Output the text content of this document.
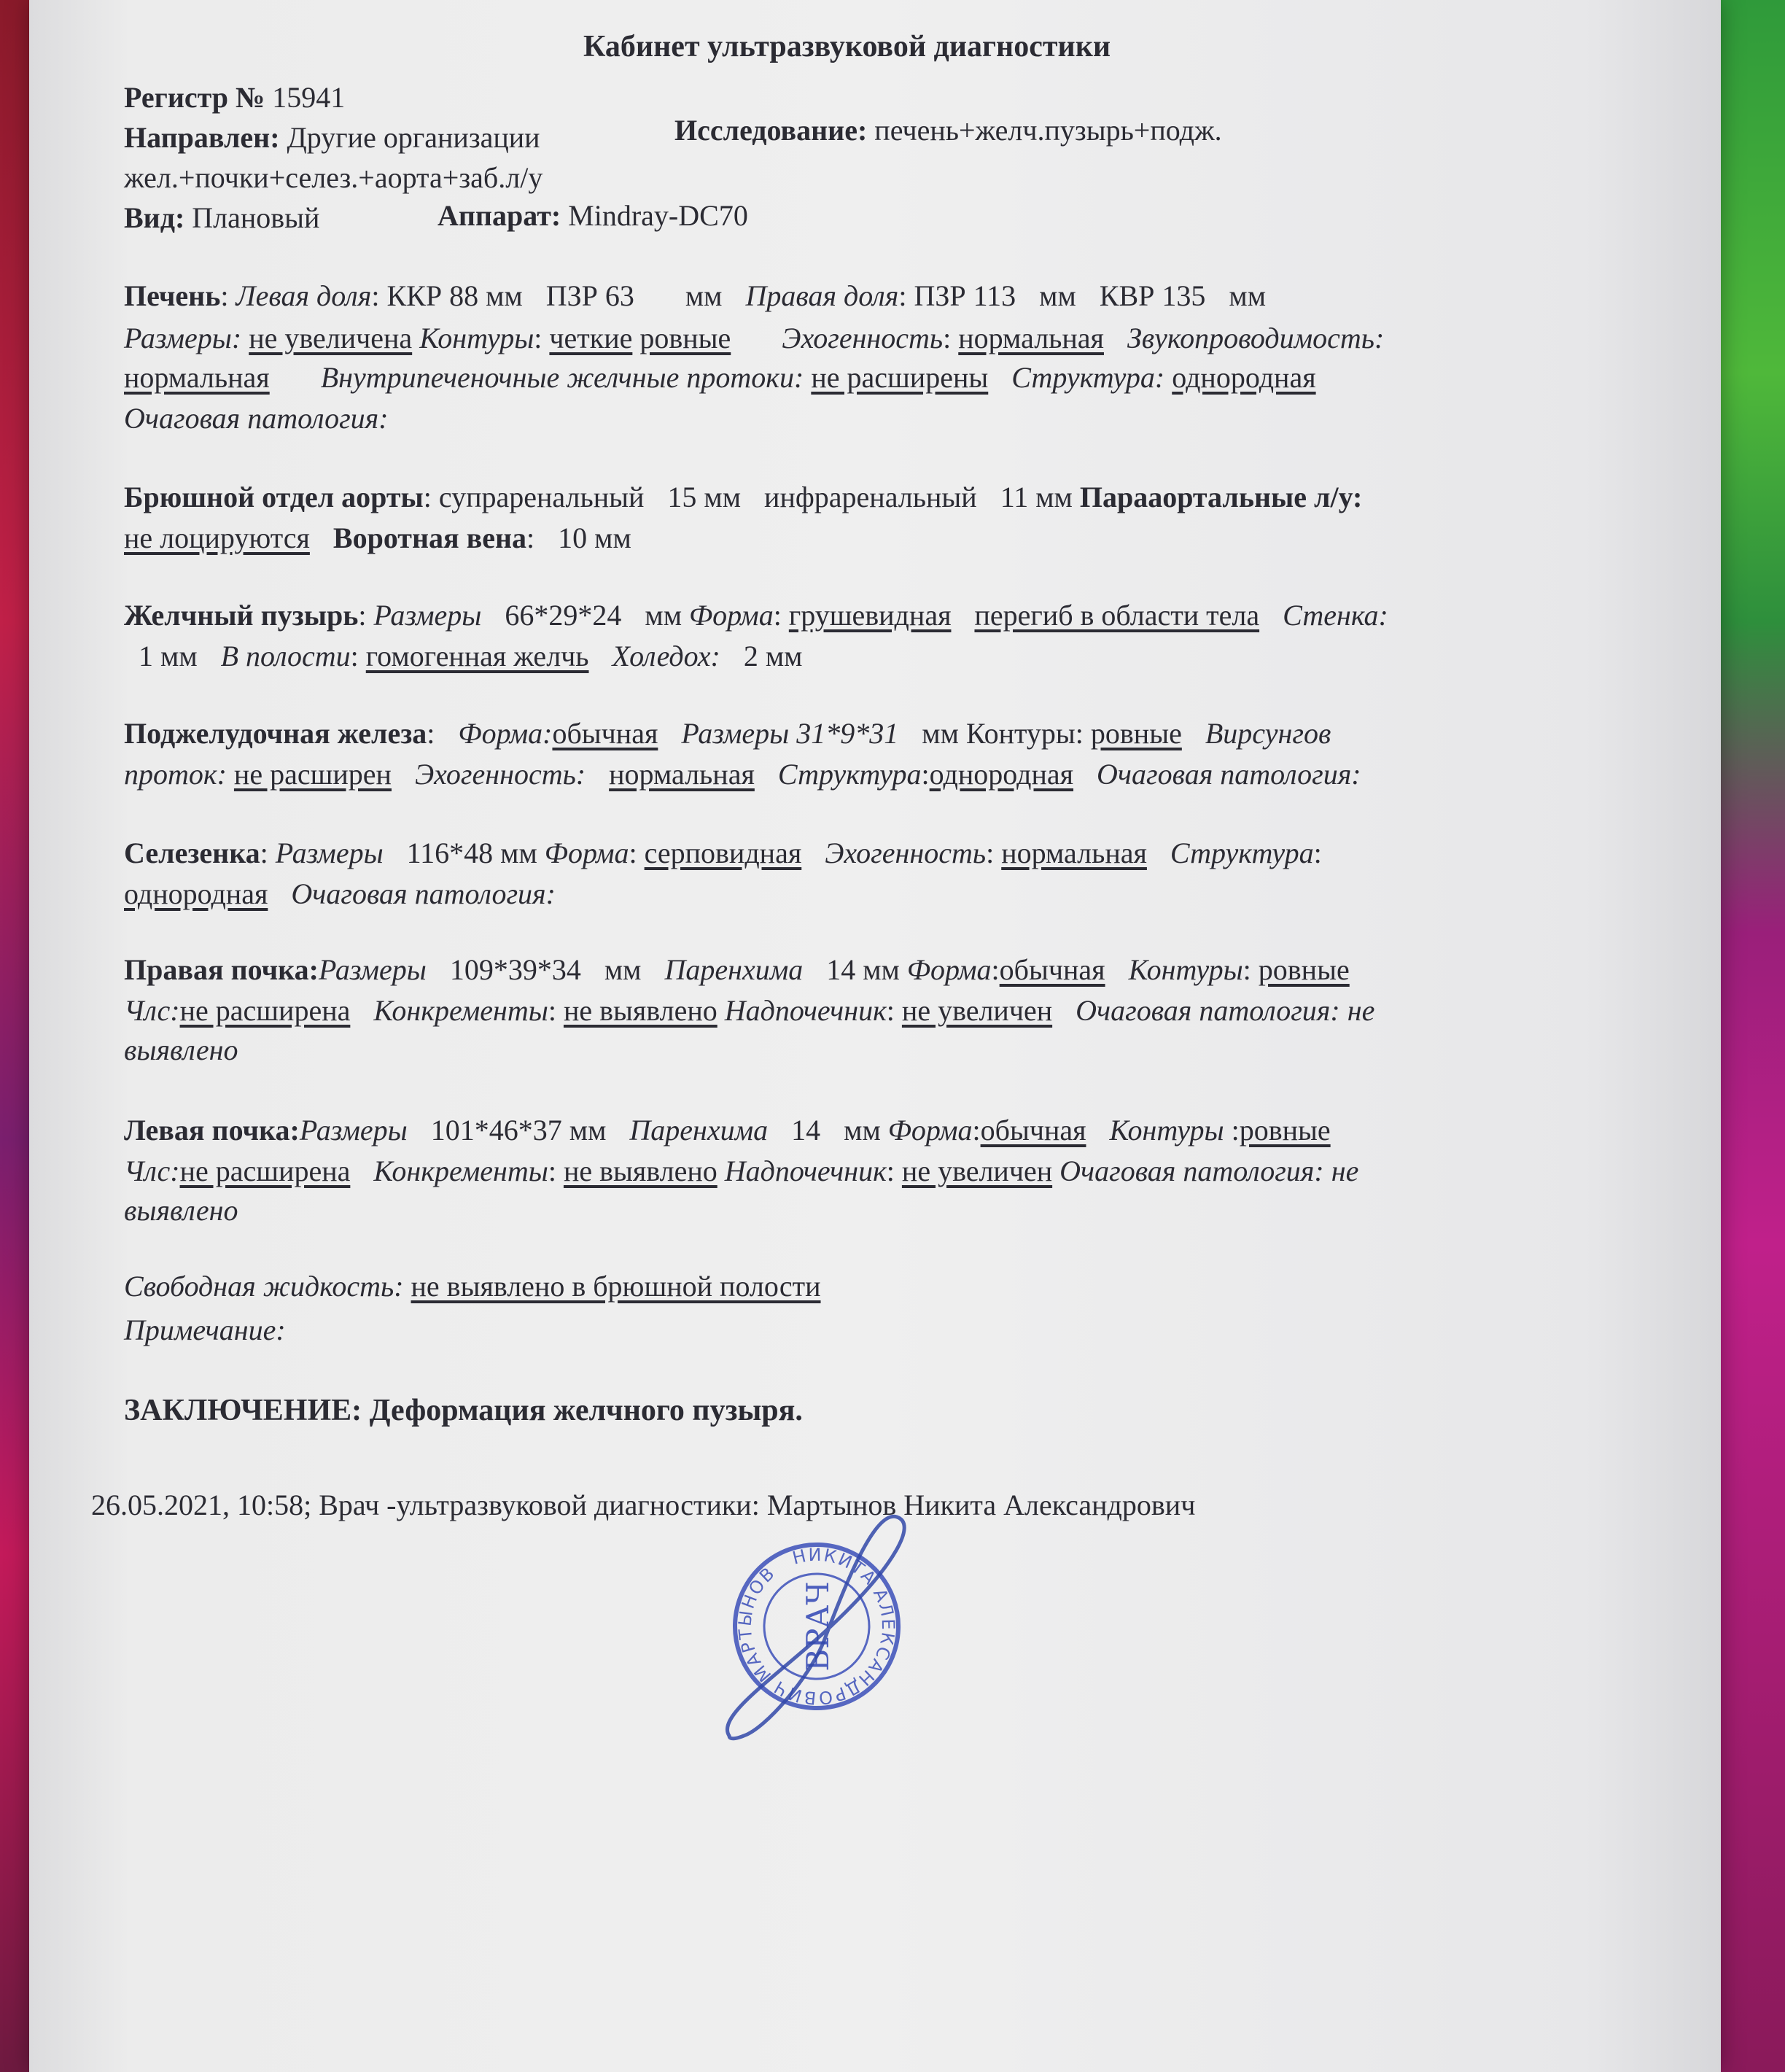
Кабинет ультразвуковой диагностики
Регистр № 15941
Направлен: Другие организации	Исследование: печень+желч.пузырь+подж.
жел.+почки+селез.+аорта+заб.л/у
Вид: Плановый	Аппарат: Mindray-DC70
Печень: Левая доля: ККР 88 мм ПЗР 63 мм Правая доля: ПЗР 113 мм КВР 135 мм
Размеры: не увеличена Контуры: четкие ровные Эхогенность: нормальная Звукопроводимость:
нормальная Внутрипеченочные желчные протоки: не расширены Структура: однородная
Очаговая патология:
Брюшной отдел аорты: супраренальный 15 мм инфраренальный 11 мм Парааортальные л/у:
не лоцируются Воротная вена: 10 мм
Желчный пузырь: Размеры 66*29*24 мм Форма: грушевидная перегиб в области тела Стенка:
1 мм В полости: гомогенная желчь Холедох: 2 мм
Поджелудочная железа: Форма:обычная Размеры 31*9*31 мм Контуры: ровные Вирсунгов
проток: не расширен Эхогенность: нормальная Структура:однородная Очаговая патология:
Селезенка: Размеры 116*48 мм Форма: серповидная Эхогенность: нормальная Структура:
однородная Очаговая патология:
Правая почка:Размеры 109*39*34 мм Паренхима 14 мм Форма:обычная Контуры: ровные
Члс:не расширена Конкременты: не выявлено Надпочечник: не увеличен Очаговая патология: не
выявлено
Левая почка:Размеры 101*46*37 мм Паренхима 14 мм Форма:обычная Контуры :ровные
Члс:не расширена Конкременты: не выявлено Надпочечник: не увеличен Очаговая патология: не
выявлено
Свободная жидкость: не выявлено в брюшной полости
Примечание:
ЗАКЛЮЧЕНИЕ: Деформация желчного пузыря.
26.05.2021, 10:58; Врач -ультразвуковой диагностики: Мартынов Никита Александрович
НИКИТА АЛЕКСАНДРОВИЧ МАРТЫНОВ
ВРАЧ
